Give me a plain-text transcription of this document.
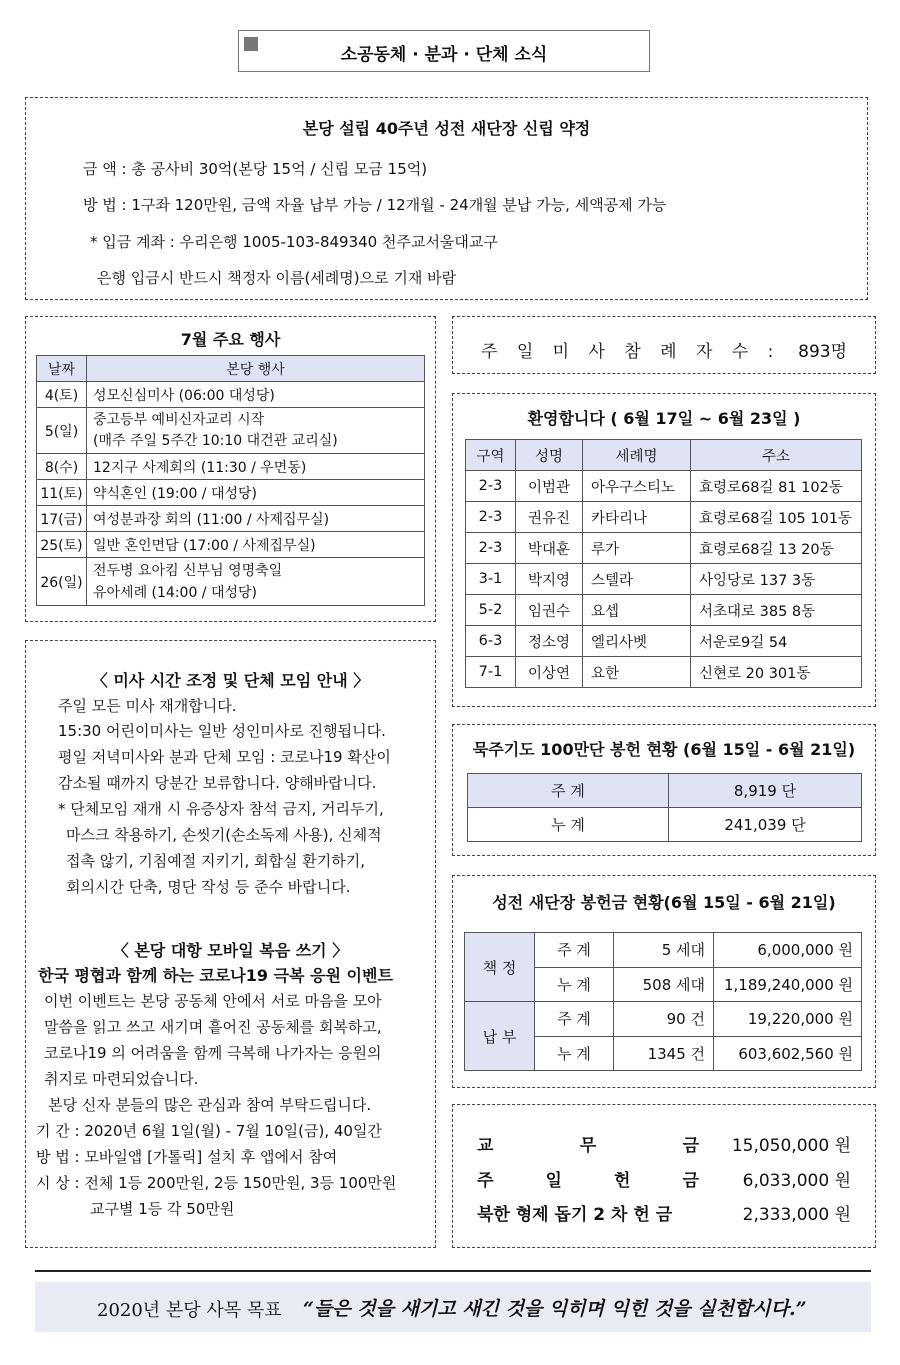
소공동체 · 분과 · 단체 소식
본당 설립 40주년 성전 새단장 신립 약정
금 액 : 총 공사비 30억(본당 15억 / 신립 모금 15억)
방 법 : 1구좌 120만원, 금액 자율 납부 가능 / 12개월 - 24개월 분납 가능, 세액공제 가능
* 입금 계좌 : 우리은행 1005-103-849340 천주교서울대교구
은행 입금시 반드시 책정자 이름(세례명)으로 기재 바람
7월 주요 행사
날짜	본당 행사
4(토)	성모신심미사 (06:00 대성당)
5(일)	중고등부 예비신자교리 시작
(매주 주일 5주간 10:10 대건관 교리실)

8(수)	12지구 사제회의 (11:30 / 우면동)
11(토)	약식혼인 (19:00 / 대성당)
17(금)	여성분과장 회의 (11:00 / 사제집무실)
25(토)	일반 혼인면담 (17:00 / 사제집무실)
26(일)	전두병 요아킴 신부님 영명축일
유아세례 (14:00 / 대성당)
주 일 미 사 참 례 자 수 : 893명
환영합니다 ( 6월 17일 ~ 6월 23일 )
구역	성명	세례명	주소
2-3	이범관	아우구스티노	효령로68길 81 102동
2-3	권유진	카타리나	효령로68길 105 101동
2-3	박대훈	루가	효령로68길 13 20동
3-1	박지영	스텔라	사잉당로 137 3동
5-2	임권수	요셉	서초대로 385 8동
6-3	정소영	엘리사벳	서운로9길 54
7-1	이상연	요한	신현로 20 301동
〈 미사 시간 조정 및 단체 모임 안내 〉
주일 모든 미사 재개합니다.
15:30 어린이미사는 일반 성인미사로 진행됩니다.
평일 저녁미사와 분과 단체 모임 : 코로나19 확산이
감소될 때까지 당분간 보류합니다. 양해바랍니다.
* 단체모임 재개 시 유증상자 참석 금지, 거리두기,
마스크 착용하기, 손씻기(손소독제 사용), 신체적
접촉 않기, 기침예절 지키기, 회합실 환기하기,
회의시간 단축, 명단 작성 등 준수 바랍니다.
〈 본당 대항 모바일 복음 쓰기 〉
한국 평협과 함께 하는 코로나19 극복 응원 이벤트
이번 이벤트는 본당 공동체 안에서 서로 마음을 모아
말씀을 읽고 쓰고 새기며 흩어진 공동체를 회복하고,
코로나19 의 어려움을 함께 극복해 나가자는 응원의
취지로 마련되었습니다.
본당 신자 분들의 많은 관심과 참여 부탁드립니다.
기 간 : 2020년 6월 1일(월) - 7월 10일(금), 40일간
방 법 : 모바일앱 [가톨릭] 설치 후 앱에서 참여
시 상 : 전체 1등 200만원, 2등 150만원, 3등 100만원
교구별 1등 각 50만원
묵주기도 100만단 봉헌 현황 (6월 15일 - 6월 21일)
주 계	8,919 단
누 계	241,039 단
성전 새단장 봉헌금 현황(6월 15일 - 6월 21일)
책 정	주 계	5 세대	6,000,000 원
	누 계	508 세대	1,189,240,000 원
납 부	주 계	90 건	19,220,000 원
	누 계	1345 건	603,602,560 원
교	무	금 15,050,000 원
주	일	헌	금	6,033,000 원
북한 형제 돕기 2 차 헌 금	2,333,000 원
2020년 본당 사목 목표 “들은 것을 새기고 새긴 것을 익히며 익힌 것을 실천합시다.”
